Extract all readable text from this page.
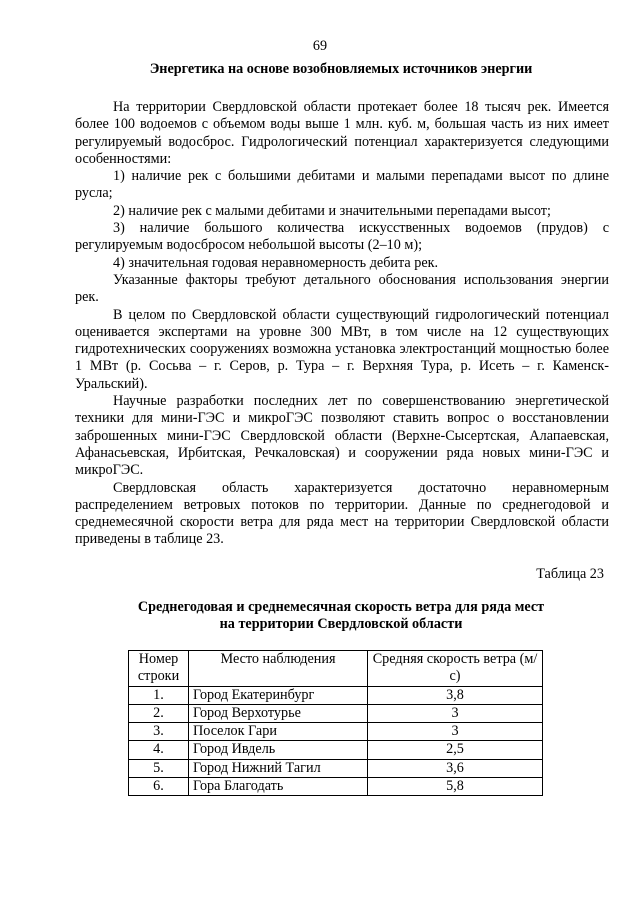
69
Энергетика на основе возобновляемых источников энергии

На территории Свердловской области протекает более 18 тысяч рек. Имеется более 100 водоемов с объемом воды выше 1 млн. куб. м, большая часть из них имеет регулируемый водосброс. Гидрологический потенциал характеризуется следующими особенностями:

1) наличие рек с большими дебитами и малыми перепадами высот по длине русла;

2) наличие рек с малыми дебитами и значительными перепадами высот;

3) наличие большого количества искусственных водоемов (прудов) с регулируемым водосбросом небольшой высоты (2–10 м);

4) значительная годовая неравномерность дебита рек.

Указанные факторы требуют детального обоснования использования энергии рек.

В целом по Свердловской области существующий гидрологический потенциал оценивается экспертами на уровне 300 МВт, в том числе на 12 существующих гидротехнических сооружениях возможна установка электростанций мощностью более 1 МВт (р. Сосьва – г. Серов, р. Тура – г. Верхняя Тура, р. Исеть – г. Каменск-Уральский).

Научные разработки последних лет по совершенствованию энергетической техники для мини-ГЭС и микроГЭС позволяют ставить вопрос о восстановлении заброшенных мини-ГЭС Свердловской области (Верхне-Сысертская, Алапаевская, Афанасьевская, Ирбитская, Речкаловская) и сооружении ряда новых мини-ГЭС и микроГЭС.

Свердловская область характеризуется достаточно неравномерным распределением ветровых потоков по территории. Данные по среднегодовой и среднемесячной скорости ветра для ряда мест на территории Свердловской области приведены в таблице 23.

Таблица 23
Среднегодовая и среднемесячная скорость ветра для ряда мест
на территории Свердловской области
Номер строки	Место наблюдения	Средняя скорость ветра (м/с)
1.	Город Екатеринбург	3,8
2.	Город Верхотурье	3
3.	Поселок Гари	3
4.	Город Ивдель	2,5
5.	Город Нижний Тагил	3,6
6.	Гора Благодать	5,8
